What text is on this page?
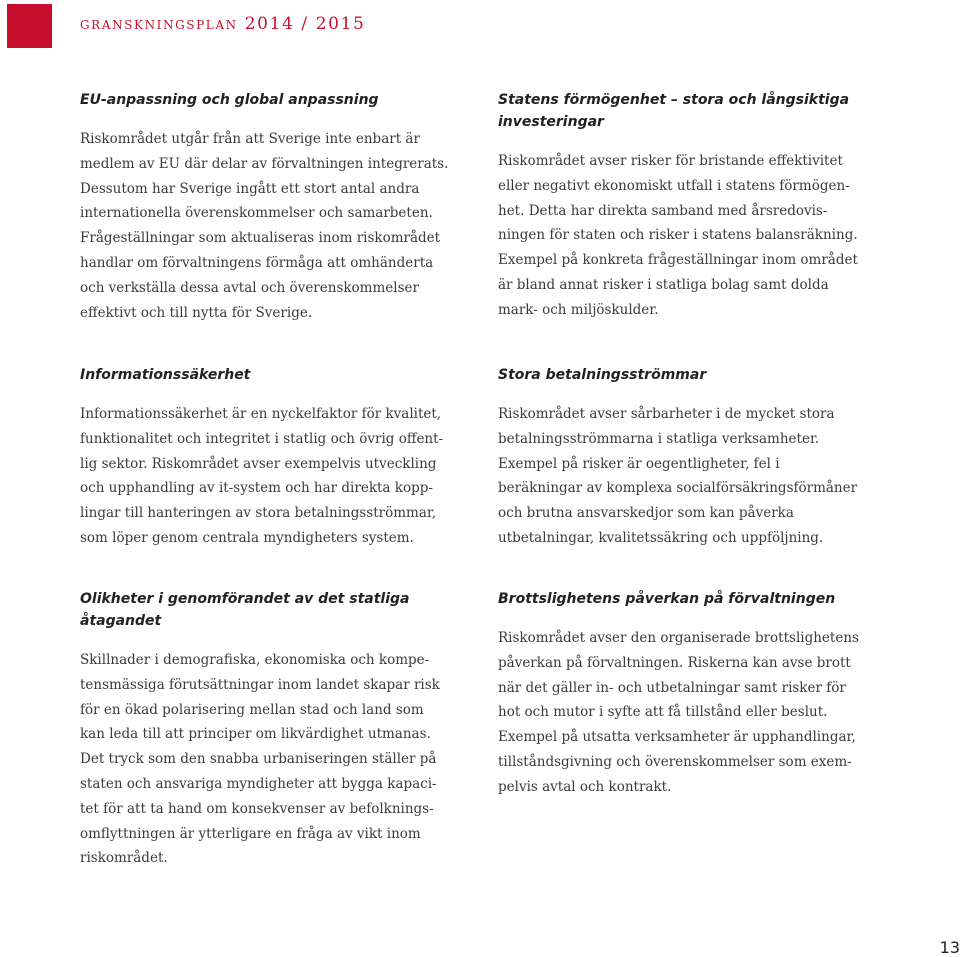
granskningsplan 2014 / 2015
EU-anpassning och global anpassning

Riskområdet utgår från att Sverige inte enbart är
medlem av EU där delar av förvaltningen integrerats.
Dessutom har Sverige ingått ett stort antal andra
internationella överenskommelser och samarbeten.
Frågeställningar som aktualiseras inom riskområdet
handlar om förvaltningens förmåga att omhänderta
och verkställa dessa avtal och överenskommelser
effektivt och till nytta för Sverige.

Statens förmögenhet – stora och långsiktiga investeringar

Riskområdet avser risker för bristande effektivitet
eller negativt ekonomiskt utfall i statens förmögen-
het. Detta har direkta samband med årsredovis-
ningen för staten och risker i statens balansräkning.
Exempel på konkreta frågeställningar inom området
är bland annat risker i statliga bolag samt dolda
mark- och miljöskulder.

Informationssäkerhet

Informationssäkerhet är en nyckelfaktor för kvalitet,
funktionalitet och integritet i statlig och övrig offent-
lig sektor. Riskområdet avser exempelvis utveckling
och upphandling av it-system och har direkta kopp-
lingar till hanteringen av stora betalningsströmmar,
som löper genom centrala myndigheters system.

Stora betalningsströmmar

Riskområdet avser sårbarheter i de mycket stora
betalningsströmmarna i statliga verksamheter.
Exempel på risker är oegentligheter, fel i
beräkningar av komplexa socialförsäkringsförmåner
och brutna ansvarskedjor som kan påverka
utbetalningar, kvalitetssäkring och uppföljning.

Olikheter i genomförandet av det statliga åtagandet

Skillnader i demografiska, ekonomiska och kompe-
tensmässiga förutsättningar inom landet skapar risk
för en ökad polarisering mellan stad och land som
kan leda till att principer om likvärdighet utmanas.
Det tryck som den snabba urbaniseringen ställer på
staten och ansvariga myndigheter att bygga kapaci-
tet för att ta hand om konsekvenser av befolknings-
omflyttningen är ytterligare en fråga av vikt inom
riskområdet.

Brottslighetens påverkan på förvaltningen

Riskområdet avser den organiserade brottslighetens
påverkan på förvaltningen. Riskerna kan avse brott
när det gäller in- och utbetalningar samt risker för
hot och mutor i syfte att få tillstånd eller beslut.
Exempel på utsatta verksamheter är upphandlingar,
tillståndsgivning och överenskommelser som exem-
pelvis avtal och kontrakt.

13
